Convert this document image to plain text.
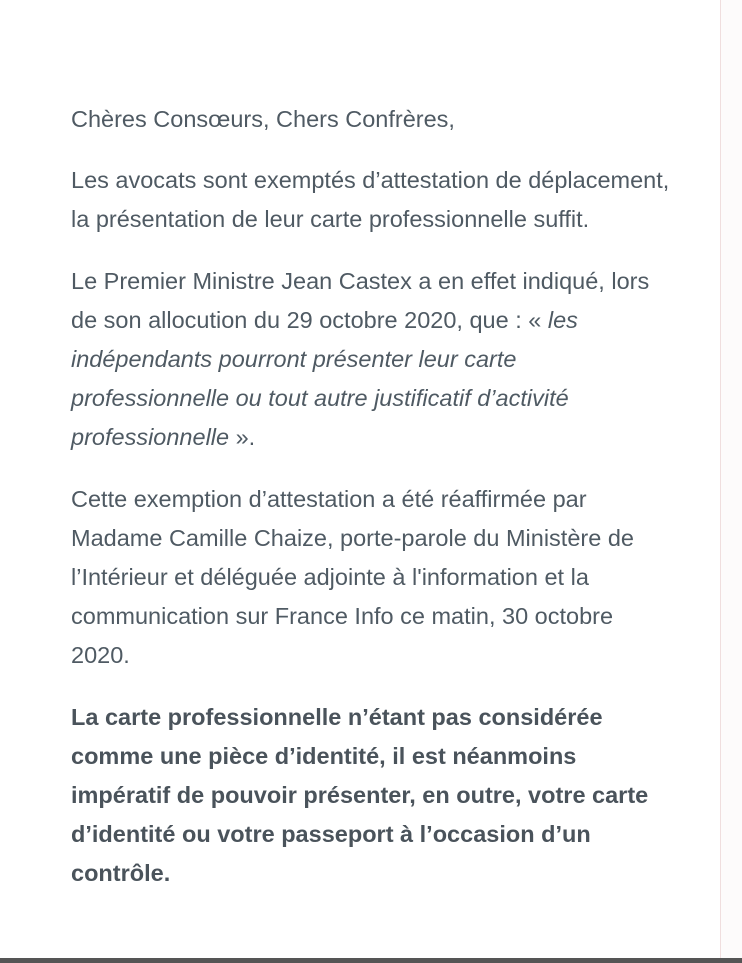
Chères Consœurs, Chers Confrères,

Les avocats sont exemptés d’attestation de déplacement, la présentation de leur carte professionnelle suffit.

Le Premier Ministre Jean Castex a en effet indiqué, lors de son allocution du 29 octobre 2020, que : « les indépendants pourront présenter leur carte professionnelle ou tout autre justificatif d’activité professionnelle ».

Cette exemption d’attestation a été réaffirmée par Madame Camille Chaize, porte-parole du Ministère de l’Intérieur et déléguée adjointe à l'information et la communication sur France Info ce matin, 30 octobre 2020.

La carte professionnelle n’étant pas considérée comme une pièce d’identité, il est néanmoins impératif de pouvoir présenter, en outre, votre carte d’identité ou votre passeport à l’occasion d’un contrôle.
